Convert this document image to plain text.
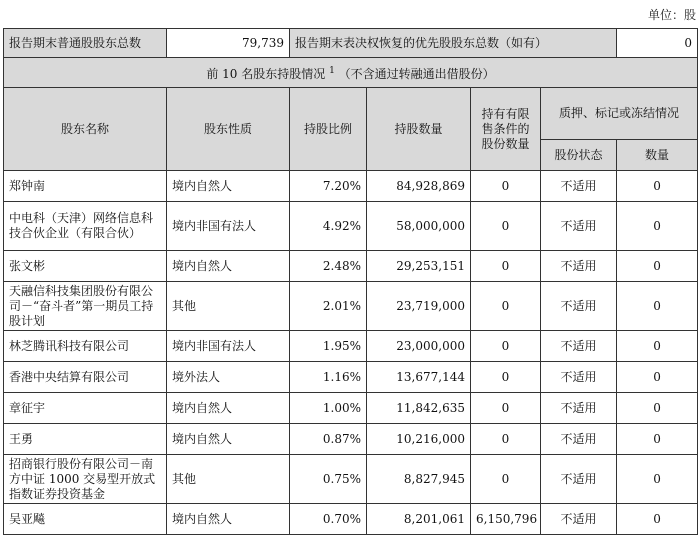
单位：股
报告期末普通股股东总数	79,739	报告期末表决权恢复的优先股股东总数（如有）				0
前 10 名股东持股情况 $^1$ （不含通过转融通出借股份）						
股东名称	股东性质	持股比例	持股数量	持有有限售条件的股份数量	质押、标记或冻结情况	
					股份状态	数量
郑钟南	境内自然人	7.20%	84,928,869	0	不适用	0
中电科（天津）网络信息科技合伙企业（有限合伙）	境内非国有法人	4.92%	58,000,000	0	不适用	0
张文彬	境内自然人	2.48%	29,253,151	0	不适用	0
天融信科技集团股份有限公司－“奋斗者”第一期员工持股计划	其他	2.01%	23,719,000	0	不适用	0
林芝腾讯科技有限公司	境内非国有法人	1.95%	23,000,000	0	不适用	0
香港中央结算有限公司	境外法人	1.16%	13,677,144	0	不适用	0
章征宇	境内自然人	1.00%	11,842,635	0	不适用	0
王勇	境内自然人	0.87%	10,216,000	0	不适用	0
招商银行股份有限公司－南方中证 1000 交易型开放式指数证券投资基金	其他	0.75%	8,827,945	0	不适用	0
吴亚飚	境内自然人	0.70%	8,201,061	6,150,796	不适用	0
